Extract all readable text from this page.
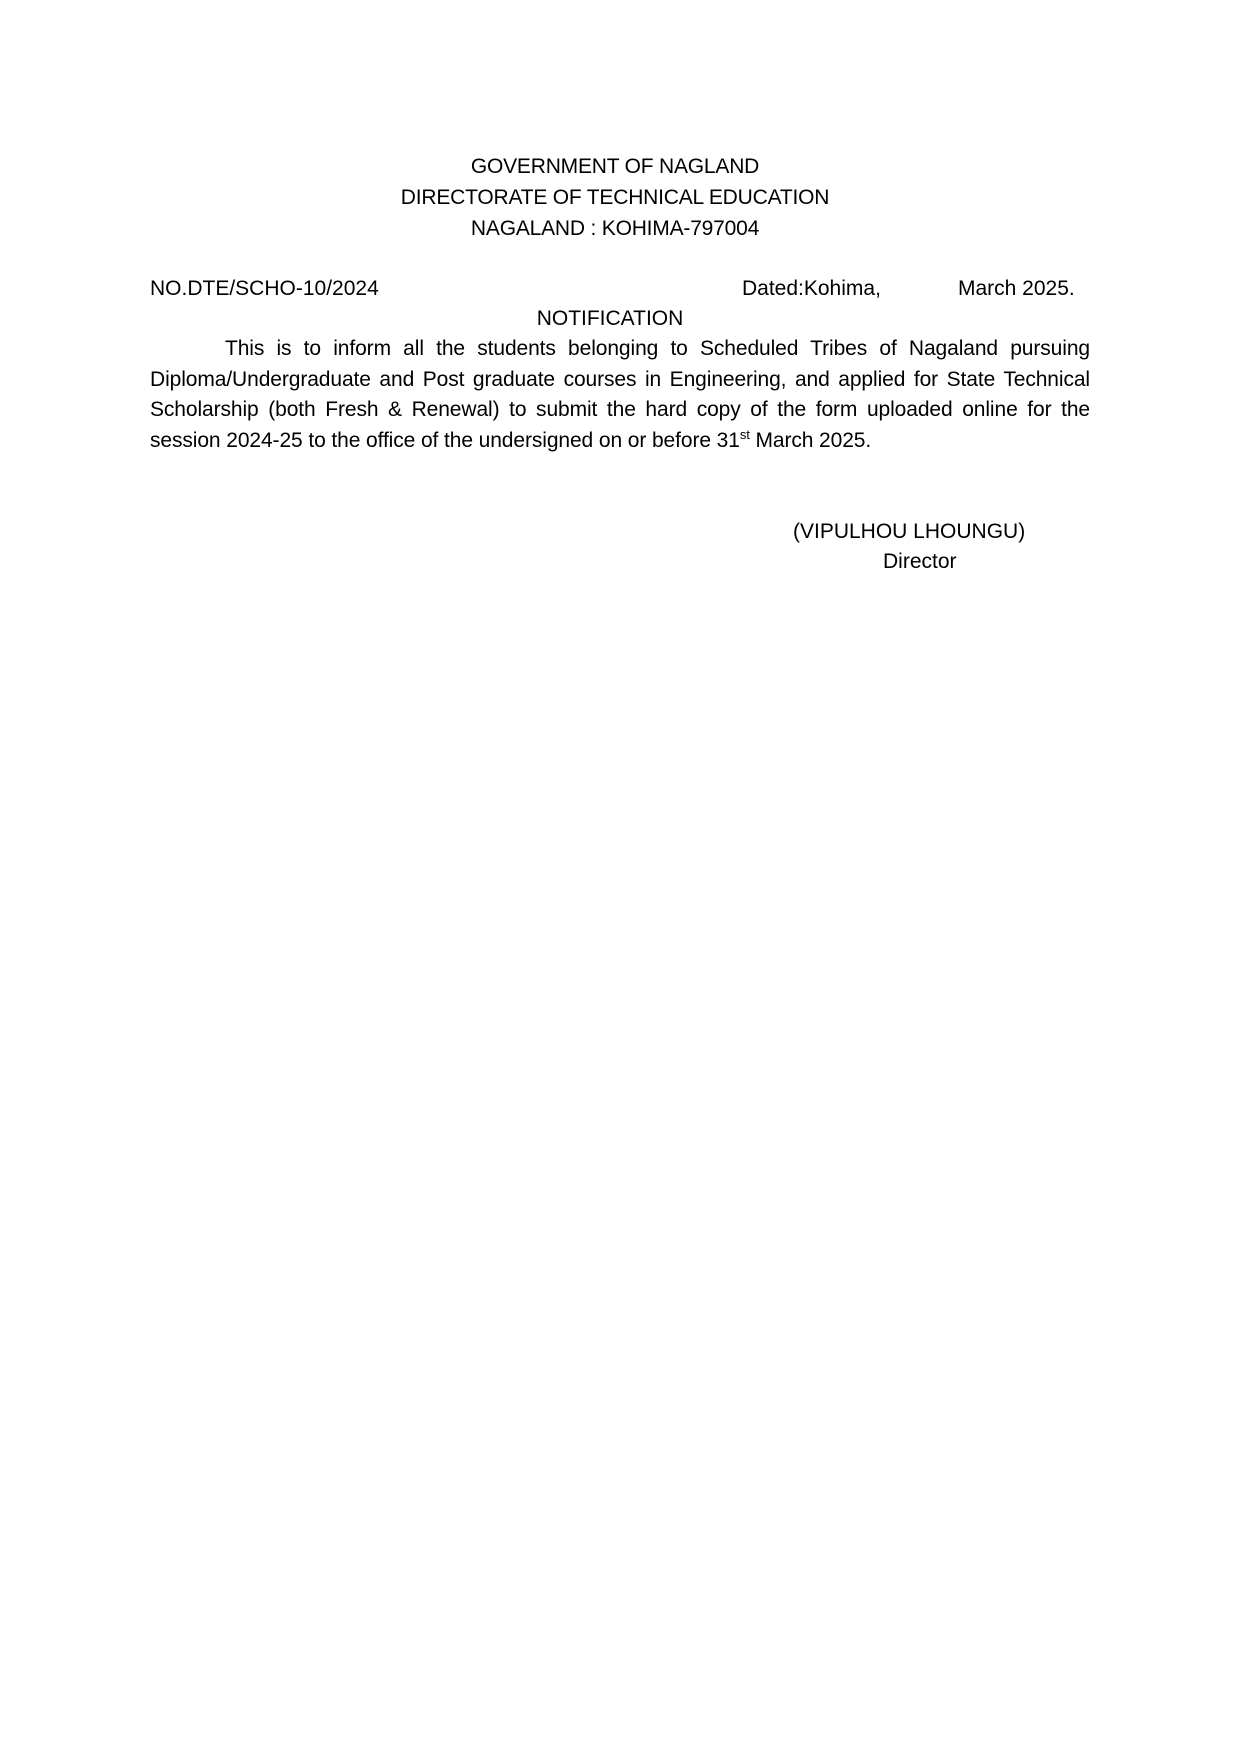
GOVERNMENT OF NAGLAND
DIRECTORATE OF TECHNICAL EDUCATION
NAGALAND : KOHIMA-797004
NO.DTE/SCHO-10/2024	Dated:Kohima,	March 2025.
NOTIFICATION
This is to inform all the students belonging to Scheduled Tribes of Nagaland pursuing Diploma/Undergraduate and Post graduate courses in Engineering, and applied for State Technical Scholarship (both Fresh & Renewal) to submit the hard copy of the form uploaded online for the session 2024-25 to the office of the undersigned on or before 31st March 2025.
(VIPULHOU LHOUNGU)
Director
